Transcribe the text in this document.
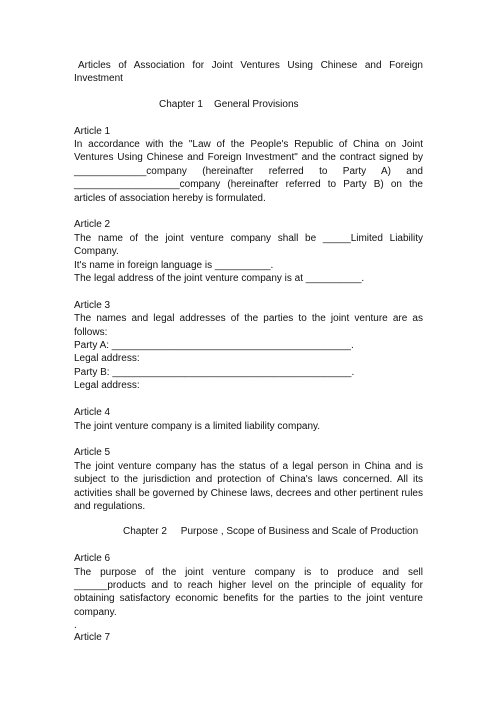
Articles of Association for Joint Ventures Using Chinese and Foreign Investment

Chapter 1    General Provisions

Article 1

In accordance with the "Law of the People's Republic of China on Joint Ventures Using Chinese and Foreign Investment" and the contract signed by _____________company (hereinafter referred to Party A) and ___________________company (hereinafter referred to Party B) on the articles of association hereby is formulated.

Article 2

The name of the joint venture company shall be _____Limited Liability Company.

It's name in foreign language is __________.

The legal address of the joint venture company is at __________.

Article 3

The names and legal addresses of the parties to the joint venture are as follows:

Party A: ___________________________________________.

Legal address:

Party B: ___________________________________________.

Legal address:

Article 4

The joint venture company is a limited liability company.

Article 5

The joint venture company has the status of a legal person in China and is subject to the jurisdiction and protection of China's laws concerned. All its activities shall be governed by Chinese laws, decrees and other pertinent rules and regulations.

Chapter 2     Purpose , Scope of Business and Scale of Production

Article 6

The purpose of the joint venture company is to produce and sell ______products and to reach higher level on the principle of equality for obtaining satisfactory economic benefits for the parties to the joint venture company.

.

Article 7
